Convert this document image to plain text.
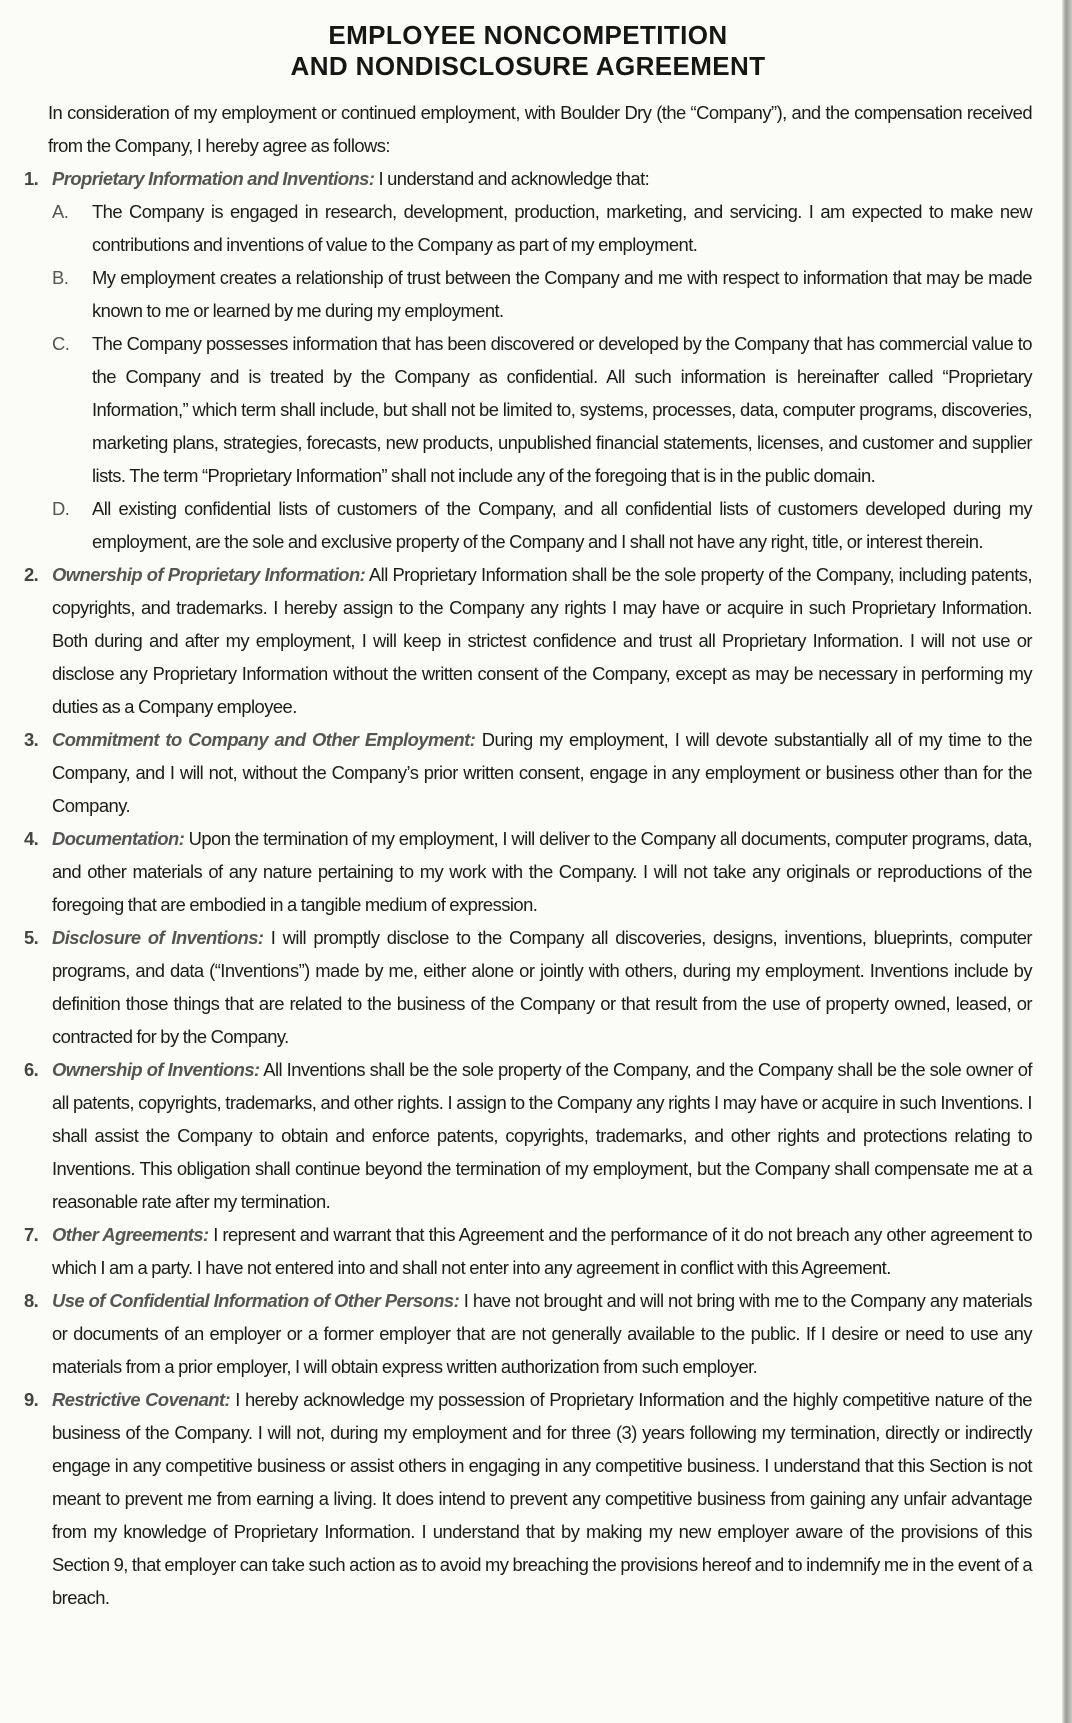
EMPLOYEE NONCOMPETITION
AND NONDISCLOSURE AGREEMENT

In consideration of my employment or continued employment, with Boulder Dry (the “Company”), and the compensation received from the Company, I hereby agree as follows:

1. Proprietary Information and Inventions: I understand and acknowledge that:
A.	The Company is engaged in research, development, production, marketing, and servicing. I am expected to make new contributions and inventions of value to the Company as part of my employment.
B.	My employment creates a relationship of trust between the Company and me with respect to information that may be made known to me or learned by me during my employment.
C.	The Company possesses information that has been discovered or developed by the Company that has commercial value to the Company and is treated by the Company as confidential. All such information is hereinafter called “Proprietary Information,” which term shall include, but shall not be limited to, systems, processes, data, computer programs, discoveries, marketing plans, strategies, forecasts, new products, unpublished financial statements, licenses, and customer and supplier lists. The term “Proprietary Information” shall not include any of the foregoing that is in the public domain.
D.	All existing confidential lists of customers of the Company, and all confidential lists of customers developed during my employment, are the sole and exclusive property of the Company and I shall not have any right, title, or interest therein.
2. Ownership of Proprietary Information: All Proprietary Information shall be the sole property of the Company, including patents, copyrights, and trademarks. I hereby assign to the Company any rights I may have or acquire in such Proprietary Information. Both during and after my employment, I will keep in strictest confidence and trust all Proprietary Information. I will not use or disclose any Proprietary Information without the written consent of the Company, except as may be necessary in performing my duties as a Company employee.
3. Commitment to Company and Other Employment: During my employment, I will devote substantially all of my time to the Company, and I will not, without the Company’s prior written consent, engage in any employment or business other than for the Company.
4. Documentation: Upon the termination of my employment, I will deliver to the Company all documents, computer programs, data, and other materials of any nature pertaining to my work with the Company. I will not take any originals or reproductions of the foregoing that are embodied in a tangible medium of expression.
5. Disclosure of Inventions: I will promptly disclose to the Company all discoveries, designs, inventions, blueprints, computer programs, and data (“Inventions”) made by me, either alone or jointly with others, during my employment. Inventions include by definition those things that are related to the business of the Company or that result from the use of property owned, leased, or contracted for by the Company.
6. Ownership of Inventions: All Inventions shall be the sole property of the Company, and the Company shall be the sole owner of all patents, copyrights, trademarks, and other rights. I assign to the Company any rights I may have or acquire in such Inventions. I shall assist the Company to obtain and enforce patents, copyrights, trademarks, and other rights and protections relating to Inventions. This obligation shall continue beyond the termination of my employment, but the Company shall compensate me at a reasonable rate after my termination.
7. Other Agreements: I represent and warrant that this Agreement and the performance of it do not breach any other agreement to which I am a party. I have not entered into and shall not enter into any agreement in conflict with this Agreement.
8. Use of Confidential Information of Other Persons: I have not brought and will not bring with me to the Company any materials or documents of an employer or a former employer that are not generally available to the public. If I desire or need to use any materials from a prior employer, I will obtain express written authorization from such employer.
9. Restrictive Covenant: I hereby acknowledge my possession of Proprietary Information and the highly competitive nature of the business of the Company. I will not, during my employment and for three (3) years following my termination, directly or indirectly engage in any competitive business or assist others in engaging in any competitive business. I understand that this Section is not meant to prevent me from earning a living. It does intend to prevent any competitive business from gaining any unfair advantage from my knowledge of Proprietary Information. I understand that by making my new employer aware of the provisions of this Section 9, that employer can take such action as to avoid my breaching the provisions hereof and to indemnify me in the event of a breach.
